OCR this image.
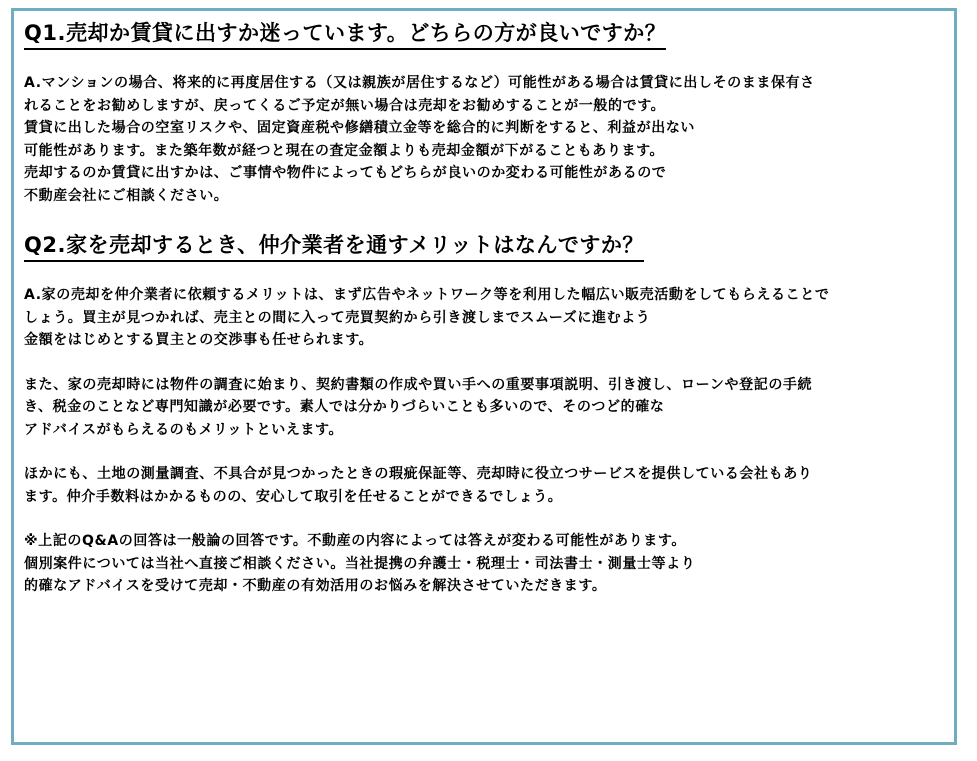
Q1.売却か賃貸に出すか迷っています。どちらの方が良いですか？
A.マンションの場合、将来的に再度居住する（又は親族が居住するなど）可能性がある場合は賃貸に出しそのまま保有さ
れることをお勧めしますが、戻ってくるご予定が無い場合は売却をお勧めすることが一般的です。
賃貸に出した場合の空室リスクや、固定資産税や修繕積立金等を総合的に判断をすると、利益が出ない
可能性があります。また築年数が経つと現在の査定金額よりも売却金額が下がることもあります。
売却するのか賃貸に出すかは、ご事情や物件によってもどちらが良いのか変わる可能性があるので
不動産会社にご相談ください。
Q2.家を売却するとき、仲介業者を通すメリットはなんですか？
A.家の売却を仲介業者に依頼するメリットは、まず広告やネットワーク等を利用した幅広い販売活動をしてもらえることで
しょう。買主が見つかれば、売主との間に入って売買契約から引き渡しまでスムーズに進むよう
金額をはじめとする買主との交渉事も任せられます。
また、家の売却時には物件の調査に始まり、契約書類の作成や買い手への重要事項説明、引き渡し、ローンや登記の手続
き、税金のことなど専門知識が必要です。素人では分かりづらいことも多いので、そのつど的確な
アドバイスがもらえるのもメリットといえます。
ほかにも、土地の測量調査、不具合が見つかったときの瑕疵保証等、売却時に役立つサービスを提供している会社もあり
ます。仲介手数料はかかるものの、安心して取引を任せることができるでしょう。
※上記のQ&Aの回答は一般論の回答です。不動産の内容によっては答えが変わる可能性があります。
個別案件については当社へ直接ご相談ください。当社提携の弁護士・税理士・司法書士・測量士等より
的確なアドバイスを受けて売却・不動産の有効活用のお悩みを解決させていただきます。
